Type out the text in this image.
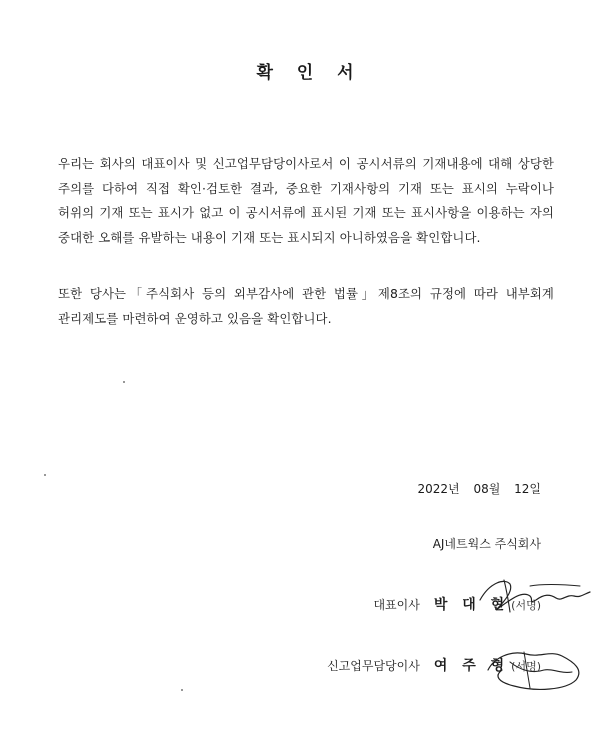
확 인 서
우리는 회사의 대표이사 및 신고업무담당이사로서 이 공시서류의 기재내용에 대해 상당한 주의를 다하여 직접 확인·검토한 결과, 중요한 기재사항의 기재 또는 표시의 누락이나 허위의 기재 또는 표시가 없고 이 공시서류에 표시된 기재 또는 표시사항을 이용하는 자의 중대한 오해를 유발하는 내용이 기재 또는 표시되지 아니하였음을 확인합니다.
또한 당사는「주식회사 등의 외부감사에 관한 법률」제8조의 규정에 따라 내부회계 관리제도를 마련하여 운영하고 있음을 확인합니다.
2022년 08월 12일
AJ네트웍스 주식회사
대표이사 박 대 현 (서명)
신고업무담당이사 여 주 형 (서명)
